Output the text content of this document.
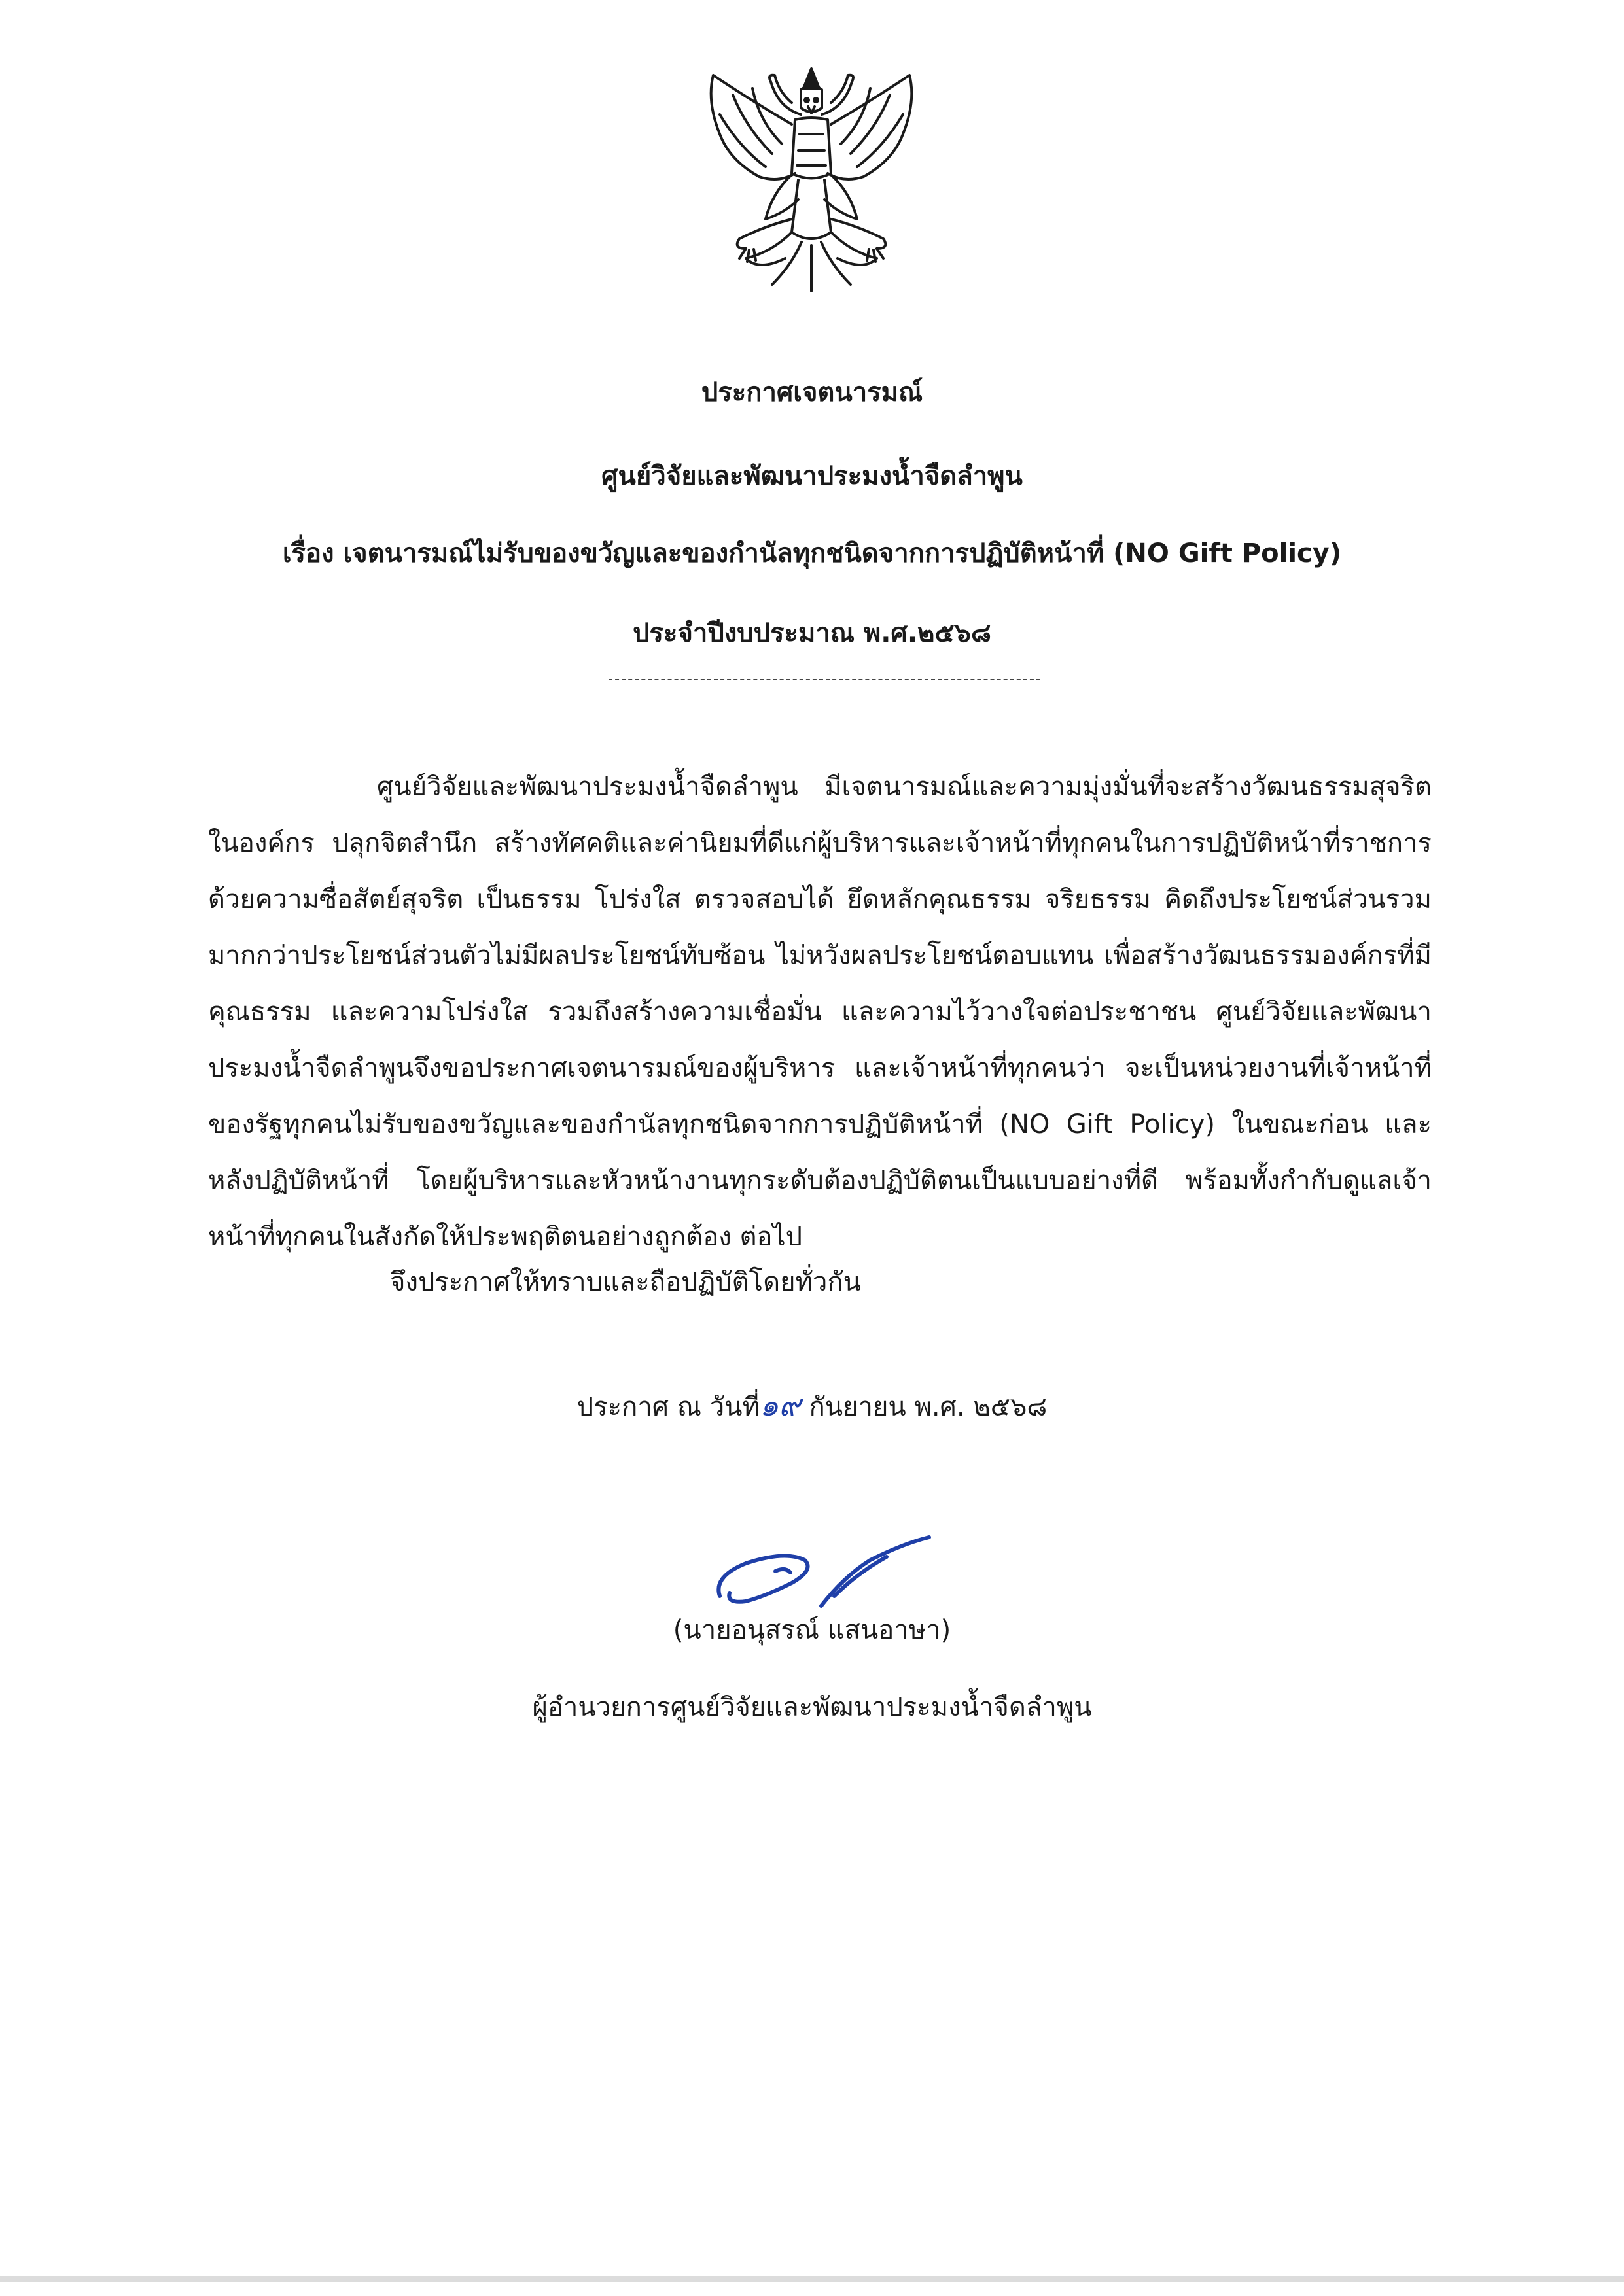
ประกาศเจตนารมณ์
ศูนย์วิจัยและพัฒนาประมงน้ำจืดลำพูน
เรื่อง เจตนารมณ์ไม่รับของขวัญและของกำนัลทุกชนิดจากการปฏิบัติหน้าที่ (NO Gift Policy)
ประจำปีงบประมาณ พ.ศ.๒๕๖๘
ศูนย์วิจัยและพัฒนาประมงน้ำจืดลำพูน มีเจตนารมณ์และความมุ่งมั่นที่จะสร้างวัฒนธรรมสุจริตในองค์กร ปลุกจิตสำนึก สร้างทัศคติและค่านิยมที่ดีแก่ผู้บริหารและเจ้าหน้าที่ทุกคนในการปฏิบัติหน้าที่ราชการด้วยความซื่อสัตย์สุจริต เป็นธรรม โปร่งใส ตรวจสอบได้ ยึดหลักคุณธรรม จริยธรรม คิดถึงประโยชน์ส่วนรวมมากกว่าประโยชน์ส่วนตัวไม่มีผลประโยชน์ทับซ้อน ไม่หวังผลประโยชน์ตอบแทน เพื่อสร้างวัฒนธรรมองค์กรที่มีคุณธรรม และความโปร่งใส รวมถึงสร้างความเชื่อมั่น และความไว้วางใจต่อประชาชน ศูนย์วิจัยและพัฒนาประมงน้ำจืดลำพูนจึงขอประกาศเจตนารมณ์ของผู้บริหาร และเจ้าหน้าที่ทุกคนว่า จะเป็นหน่วยงานที่เจ้าหน้าที่ของรัฐทุกคนไม่รับของขวัญและของกำนัลทุกชนิดจากการปฏิบัติหน้าที่ (NO Gift Policy) ในขณะก่อน และหลังปฏิบัติหน้าที่ โดยผู้บริหารและหัวหน้างานทุกระดับต้องปฏิบัติตนเป็นแบบอย่างที่ดี พร้อมทั้งกำกับดูแลเจ้าหน้าที่ทุกคนในสังกัดให้ประพฤติตนอย่างถูกต้อง ต่อไป
จึงประกาศให้ทราบและถือปฏิบัติโดยทั่วกัน
ประกาศ ณ วันที่๑๙ กันยายน พ.ศ. ๒๕๖๘
(นายอนุสรณ์ แสนอาษา)
ผู้อำนวยการศูนย์วิจัยและพัฒนาประมงน้ำจืดลำพูน
